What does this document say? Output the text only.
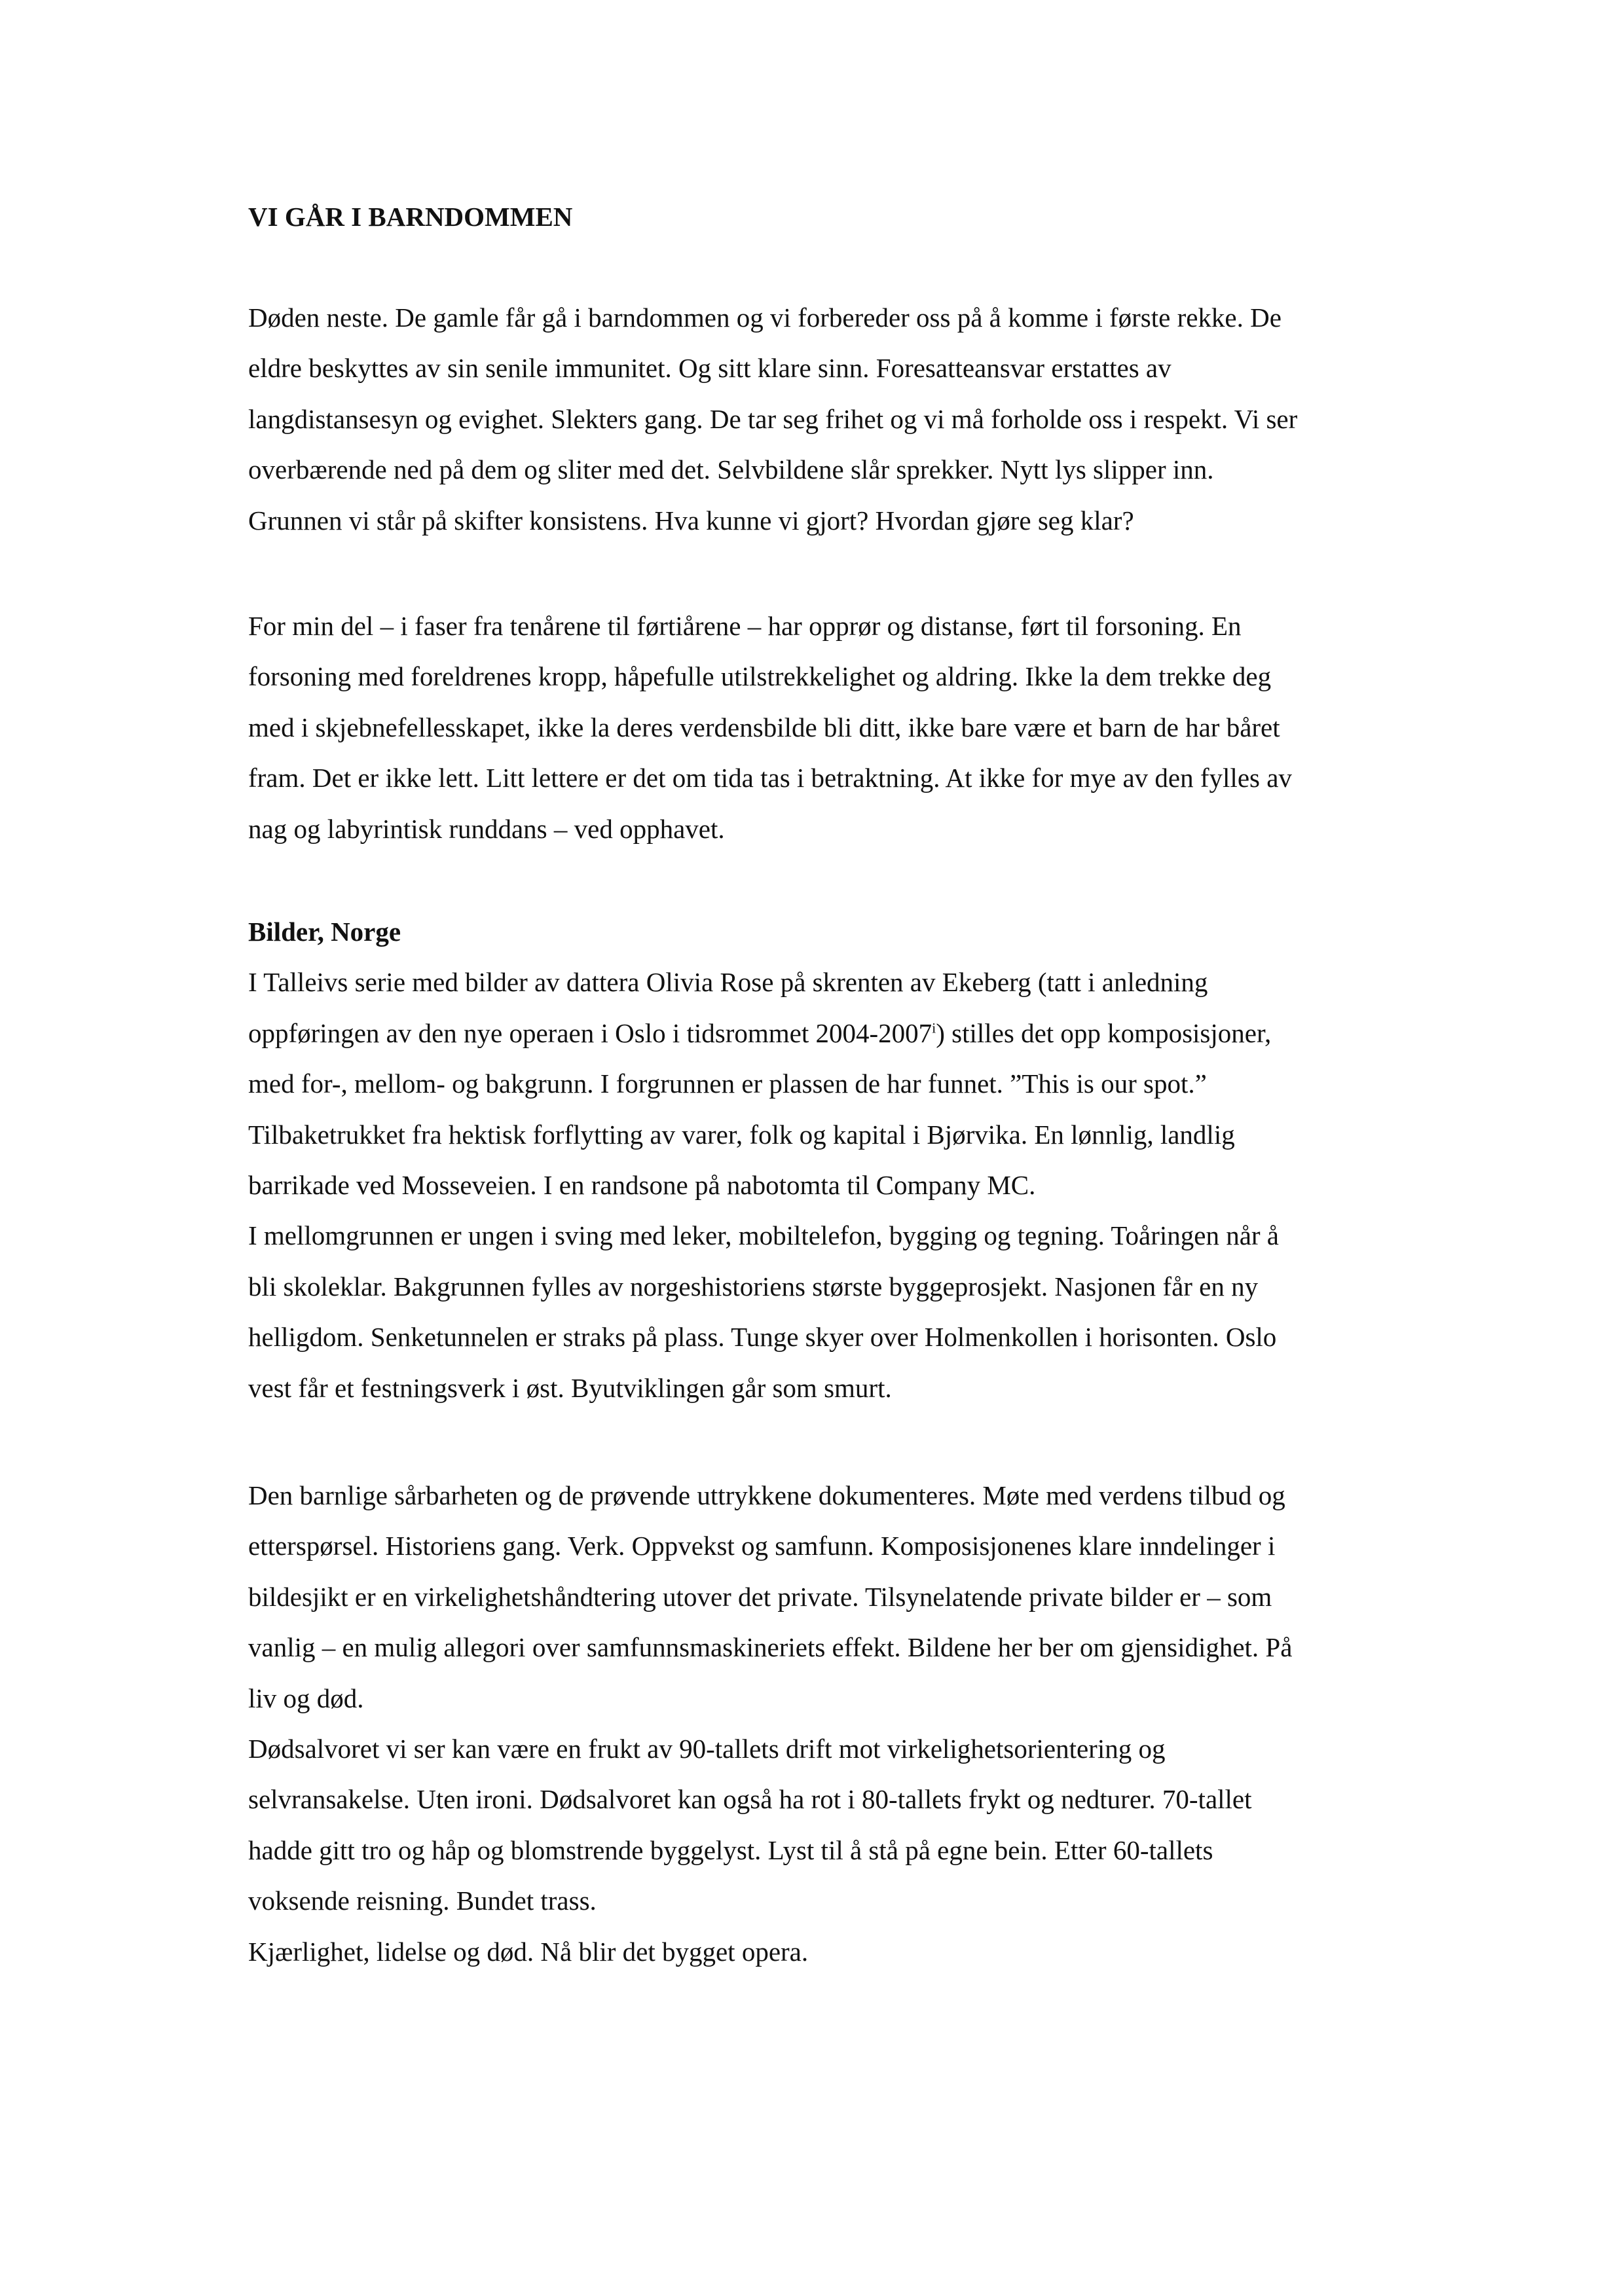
VI GÅR I BARNDOMMEN
Døden neste. De gamle får gå i barndommen og vi forbereder oss på å komme i første rekke. De
eldre beskyttes av sin senile immunitet. Og sitt klare sinn. Foresatteansvar erstattes av
langdistansesyn og evighet. Slekters gang. De tar seg frihet og vi må forholde oss i respekt. Vi ser
overbærende ned på dem og sliter med det. Selvbildene slår sprekker. Nytt lys slipper inn.
Grunnen vi står på skifter konsistens. Hva kunne vi gjort? Hvordan gjøre seg klar?
For min del – i faser fra tenårene til førtiårene – har opprør og distanse, ført til forsoning. En
forsoning med foreldrenes kropp, håpefulle utilstrekkelighet og aldring. Ikke la dem trekke deg
med i skjebnefellesskapet, ikke la deres verdensbilde bli ditt, ikke bare være et barn de har båret
fram. Det er ikke lett. Litt lettere er det om tida tas i betraktning. At ikke for mye av den fylles av
nag og labyrintisk runddans – ved opphavet.
Bilder, Norge
I Talleivs serie med bilder av dattera Olivia Rose på skrenten av Ekeberg (tatt i anledning
oppføringen av den nye operaen i Oslo i tidsrommet 2004-2007$^i$) stilles det opp komposisjoner,
med for-, mellom- og bakgrunn. I forgrunnen er plassen de har funnet. ”This is our spot.”
Tilbaketrukket fra hektisk forflytting av varer, folk og kapital i Bjørvika. En lønnlig, landlig
barrikade ved Mosseveien. I en randsone på nabotomta til Company MC.
I mellomgrunnen er ungen i sving med leker, mobiltelefon, bygging og tegning. Toåringen når å
bli skoleklar. Bakgrunnen fylles av norgeshistoriens største byggeprosjekt. Nasjonen får en ny
helligdom. Senketunnelen er straks på plass. Tunge skyer over Holmenkollen i horisonten. Oslo
vest får et festningsverk i øst. Byutviklingen går som smurt.
Den barnlige sårbarheten og de prøvende uttrykkene dokumenteres. Møte med verdens tilbud og
etterspørsel. Historiens gang. Verk. Oppvekst og samfunn. Komposisjonenes klare inndelinger i
bildesjikt er en virkelighetshåndtering utover det private. Tilsynelatende private bilder er – som
vanlig – en mulig allegori over samfunnsmaskineriets effekt. Bildene her ber om gjensidighet. På
liv og død.
Dødsalvoret vi ser kan være en frukt av 90-tallets drift mot virkelighetsorientering og
selvransakelse. Uten ironi. Dødsalvoret kan også ha rot i 80-tallets frykt og nedturer. 70-tallet
hadde gitt tro og håp og blomstrende byggelyst. Lyst til å stå på egne bein. Etter 60-tallets
voksende reisning. Bundet trass.
Kjærlighet, lidelse og død. Nå blir det bygget opera.
